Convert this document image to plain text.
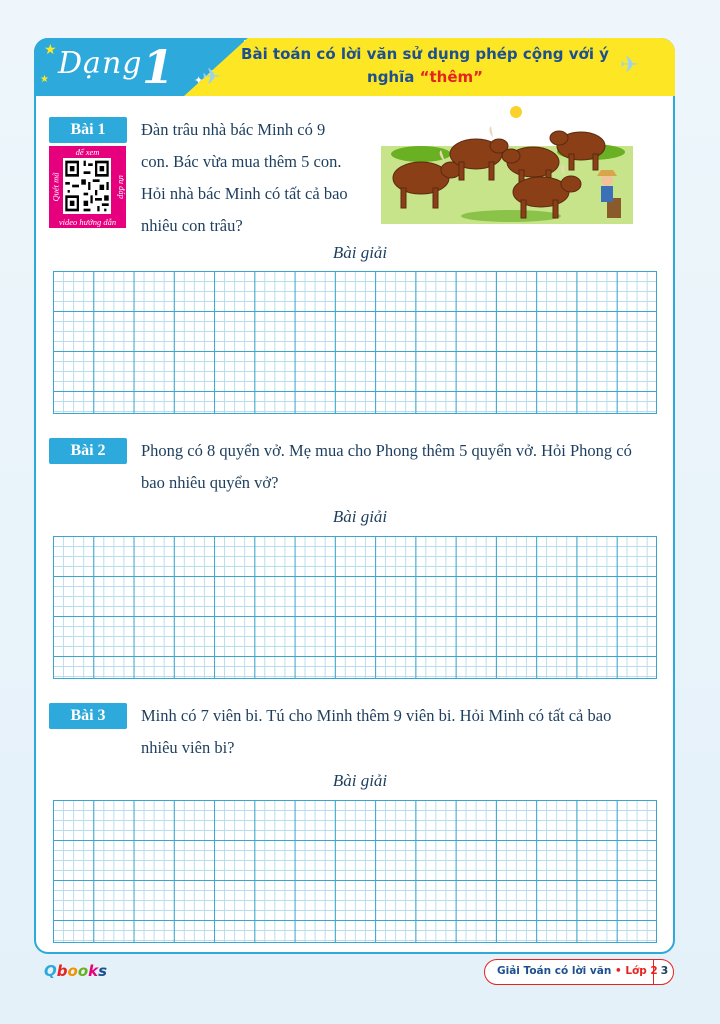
Dạng 1
★
★	✦
✈	✈
Bài toán có lời văn sử dụng phép cộng với ý
nghĩa “thêm”
Bài 1
để xem
Quét mã	ưu đáp
video hướng dẫn
Đàn trâu nhà bác Minh có 9
con. Bác vừa mua thêm 5 con.
Hỏi nhà bác Minh có tất cả bao
nhiêu con trâu?
Bài giải
Bài 2	Phong có 8 quyển vở. Mẹ mua cho Phong thêm 5 quyển vở. Hỏi Phong có
bao nhiêu quyển vở?
Bài giải
Bài 3	Minh có 7 viên bi. Tú cho Minh thêm 9 viên bi. Hỏi Minh có tất cả bao
nhiêu viên bi?
Bài giải
Qbooks	Giải Toán có lời văn • Lớp 2 3
